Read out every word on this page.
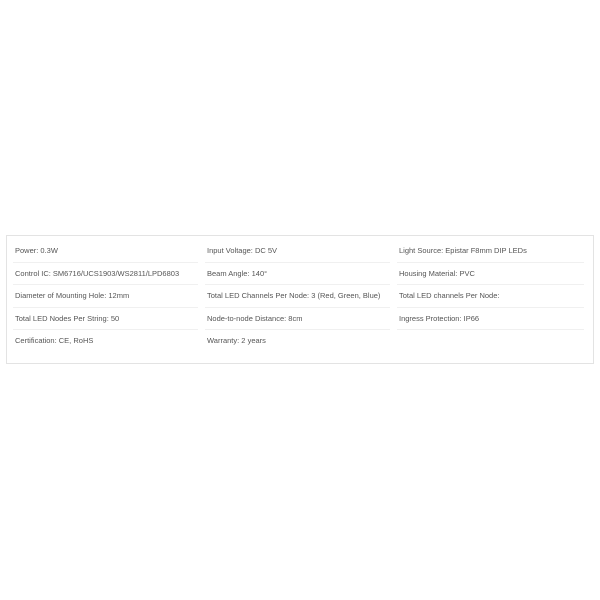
Power: 0.3W	Input Voltage: DC 5V	Light Source: Epistar F8mm DIP LEDs
Control IC: SM6716/UCS1903/WS2811/LPD6803	Beam Angle: 140°	Housing Material: PVC
Diameter of Mounting Hole: 12mm	Total LED Channels Per Node: 3 (Red, Green, Blue)	Total LED channels Per Node:
Total LED Nodes Per String: 50	Node-to-node Distance: 8cm	Ingress Protection: IP66
Certification: CE, RoHS	Warranty: 2 years
